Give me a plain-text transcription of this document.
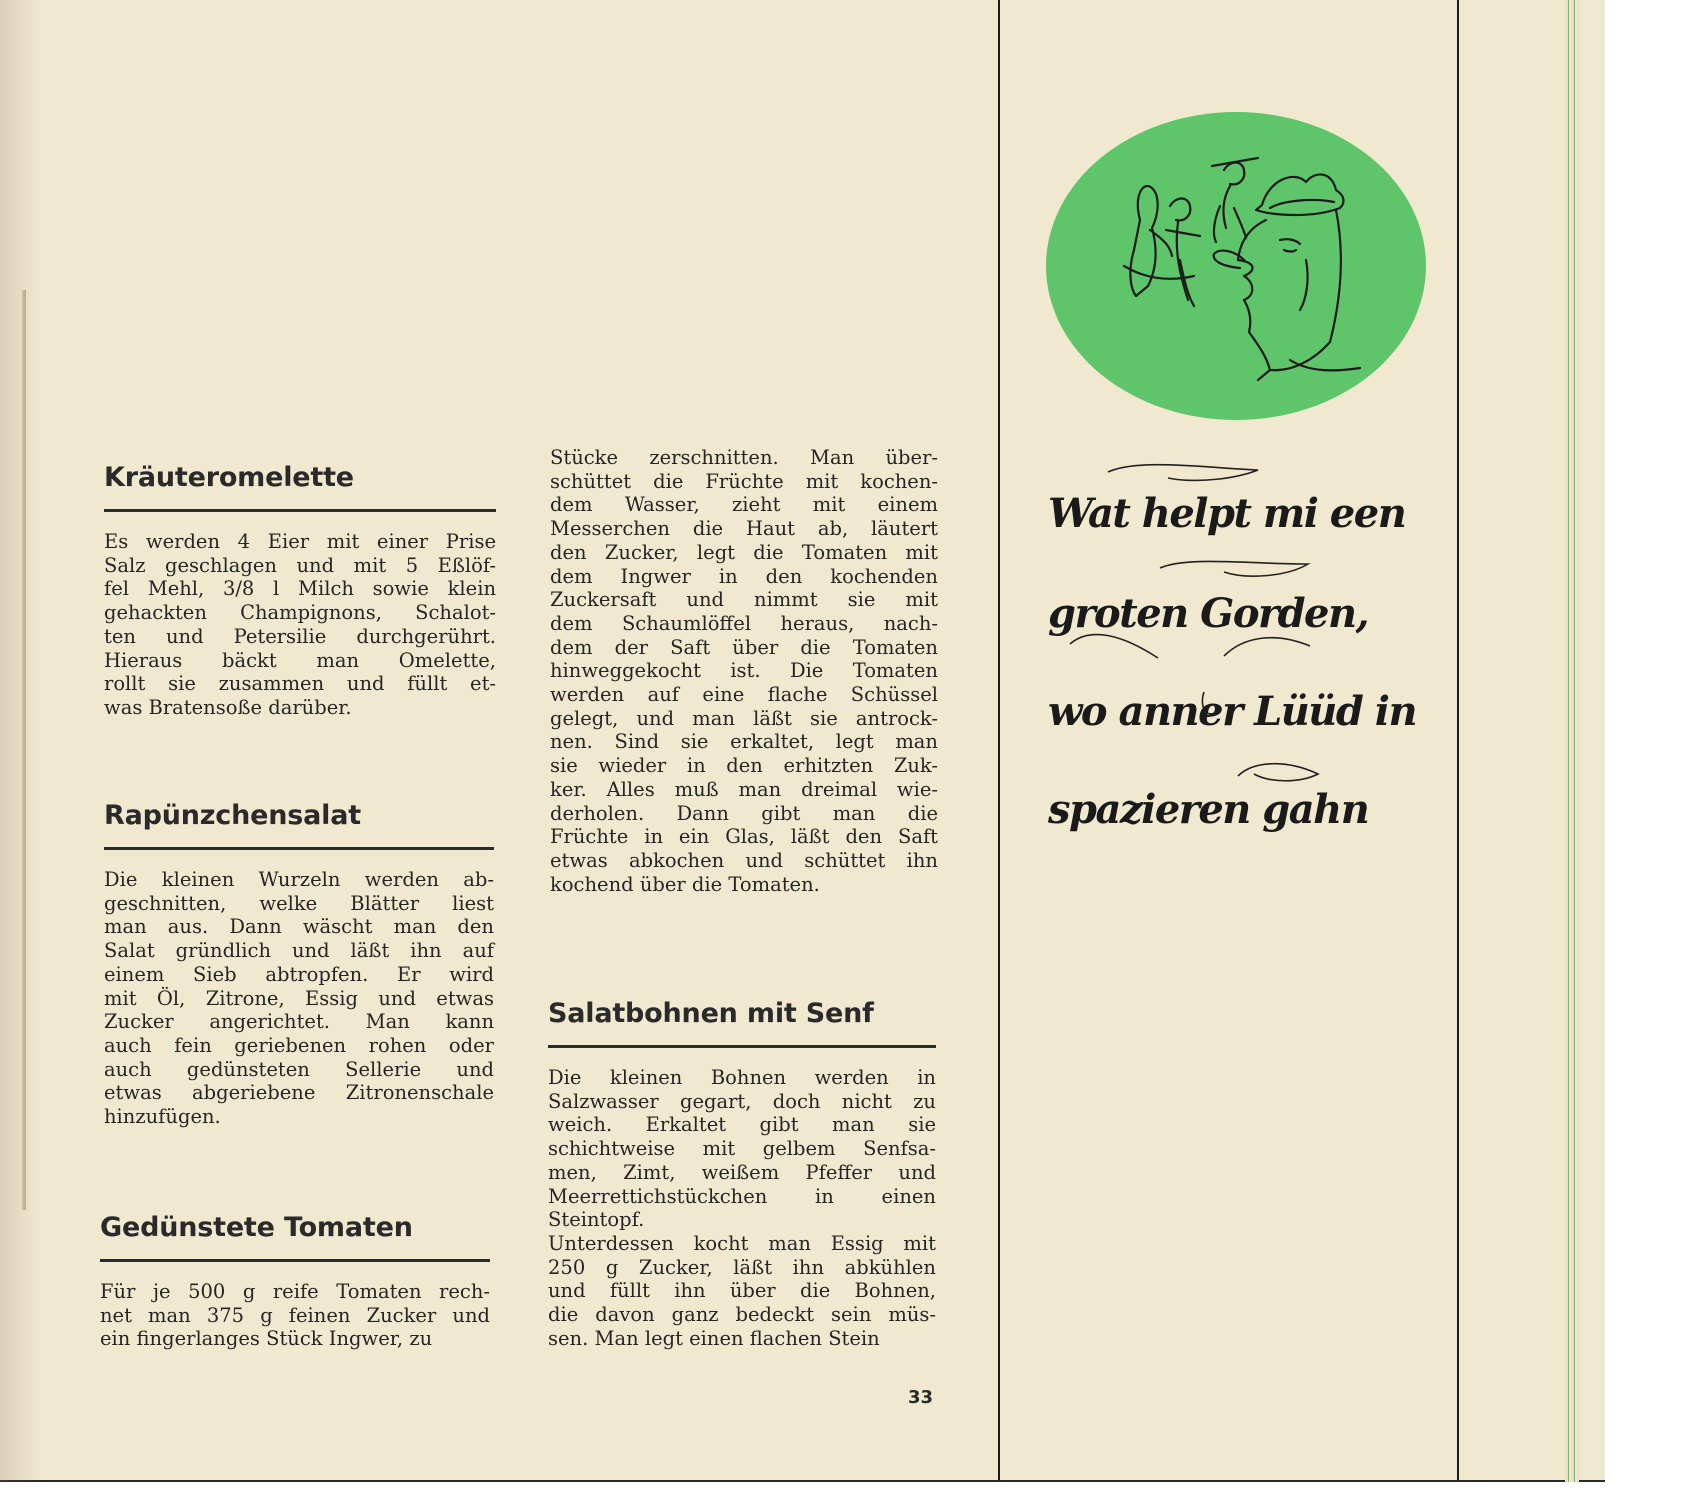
Kräuteromelette
Es werden 4 Eier mit einer Prise
Salz geschlagen und mit 5 Eßlöf-
fel Mehl, 3/8 l Milch sowie klein
gehackten Champignons, Schalot-
ten und Petersilie durchgerührt.
Hieraus bäckt man Omelette,
rollt sie zusammen und füllt et-
was Bratensoße darüber.
Rapünzchensalat
Die kleinen Wurzeln werden ab-
geschnitten, welke Blätter liest
man aus. Dann wäscht man den
Salat gründlich und läßt ihn auf
einem Sieb abtropfen. Er wird
mit Öl, Zitrone, Essig und etwas
Zucker angerichtet. Man kann
auch fein geriebenen rohen oder
auch gedünsteten Sellerie und
etwas abgeriebene Zitronenschale
hinzufügen.
Gedünstete Tomaten
Für je 500 g reife Tomaten rech-
net man 375 g feinen Zucker und
ein fingerlanges Stück Ingwer, zu
Stücke zerschnitten. Man über-
schüttet die Früchte mit kochen-
dem Wasser, zieht mit einem
Messerchen die Haut ab, läutert
den Zucker, legt die Tomaten mit
dem Ingwer in den kochenden
Zuckersaft und nimmt sie mit
dem Schaumlöffel heraus, nach-
dem der Saft über die Tomaten
hinweggekocht ist. Die Tomaten
werden auf eine flache Schüssel
gelegt, und man läßt sie antrock-
nen. Sind sie erkaltet, legt man
sie wieder in den erhitzten Zuk-
ker. Alles muß man dreimal wie-
derholen. Dann gibt man die
Früchte in ein Glas, läßt den Saft
etwas abkochen und schüttet ihn
kochend über die Tomaten.
Salatbohnen mit Senf
Die kleinen Bohnen werden in
Salzwasser gegart, doch nicht zu
weich. Erkaltet gibt man sie
schichtweise mit gelbem Senfsa-
men, Zimt, weißem Pfeffer und
Meerrettichstückchen in einen
Steintopf.
Unterdessen kocht man Essig mit
250 g Zucker, läßt ihn abkühlen
und füllt ihn über die Bohnen,
die davon ganz bedeckt sein müs-
sen. Man legt einen flachen Stein
33
Wat helpt mi een
groten Gorden,
wo anner Lüüd in
spazieren gahn
